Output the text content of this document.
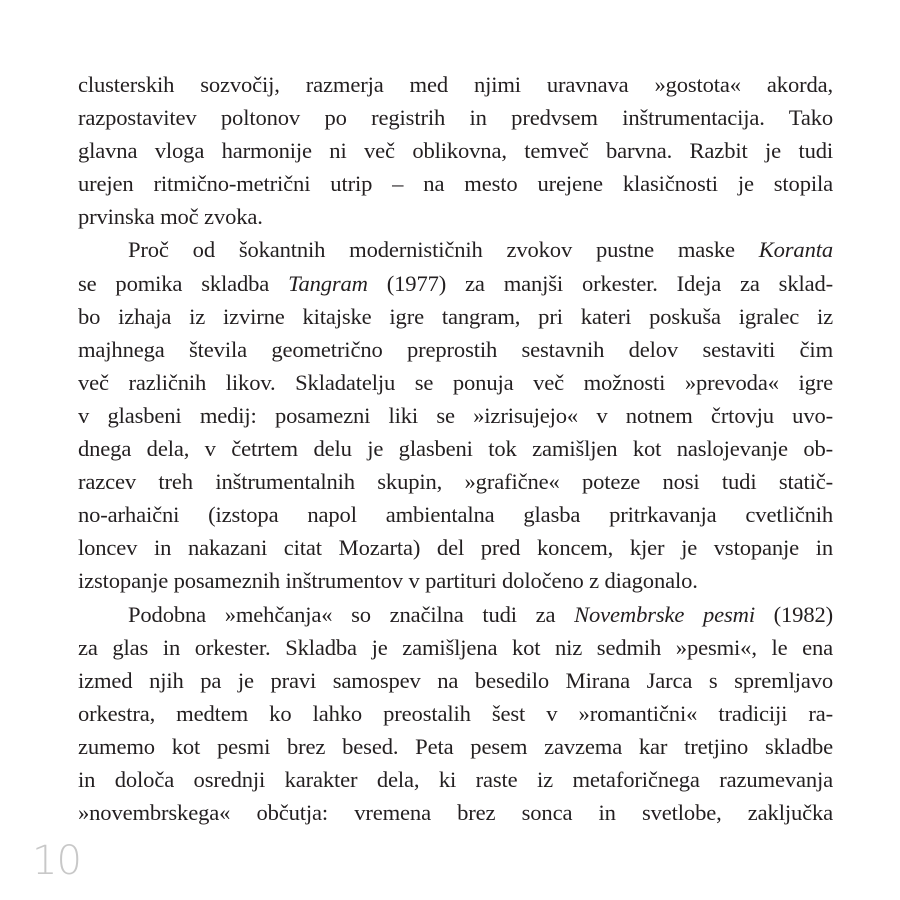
clusterskih sozvočij, razmerja med njimi uravnava »gostota« akorda,
razpostavitev poltonov po registrih in predvsem inštrumentacija. Tako
glavna vloga harmonije ni več oblikovna, temveč barvna. Razbit je tudi
urejen ritmično-metrični utrip – na mesto urejene klasičnosti je stopila
prvinska moč zvoka.
Proč od šokantnih modernističnih zvokov pustne maske Koranta
se pomika skladba Tangram (1977) za manjši orkester. Ideja za sklad-
bo izhaja iz izvirne kitajske igre tangram, pri kateri poskuša igralec iz
majhnega števila geometrično preprostih sestavnih delov sestaviti čim
več različnih likov. Skladatelju se ponuja več možnosti »prevoda« igre
v glasbeni medij: posamezni liki se »izrisujejo« v notnem črtovju uvo-
dnega dela, v četrtem delu je glasbeni tok zamišljen kot naslojevanje ob-
razcev treh inštrumentalnih skupin, »grafične« poteze nosi tudi statič-
no-arhaični (izstopa napol ambientalna glasba pritrkavanja cvetličnih
loncev in nakazani citat Mozarta) del pred koncem, kjer je vstopanje in
izstopanje posameznih inštrumentov v partituri določeno z diagonalo.
Podobna »mehčanja« so značilna tudi za Novembrske pesmi (1982)
za glas in orkester. Skladba je zamišljena kot niz sedmih »pesmi«, le ena
izmed njih pa je pravi samospev na besedilo Mirana Jarca s spremljavo
orkestra, medtem ko lahko preostalih šest v »romantični« tradiciji ra-
zumemo kot pesmi brez besed. Peta pesem zavzema kar tretjino skladbe
in določa osrednji karakter dela, ki raste iz metaforičnega razumevanja
»novembrskega« občutja: vremena brez sonca in svetlobe, zaključka
10
